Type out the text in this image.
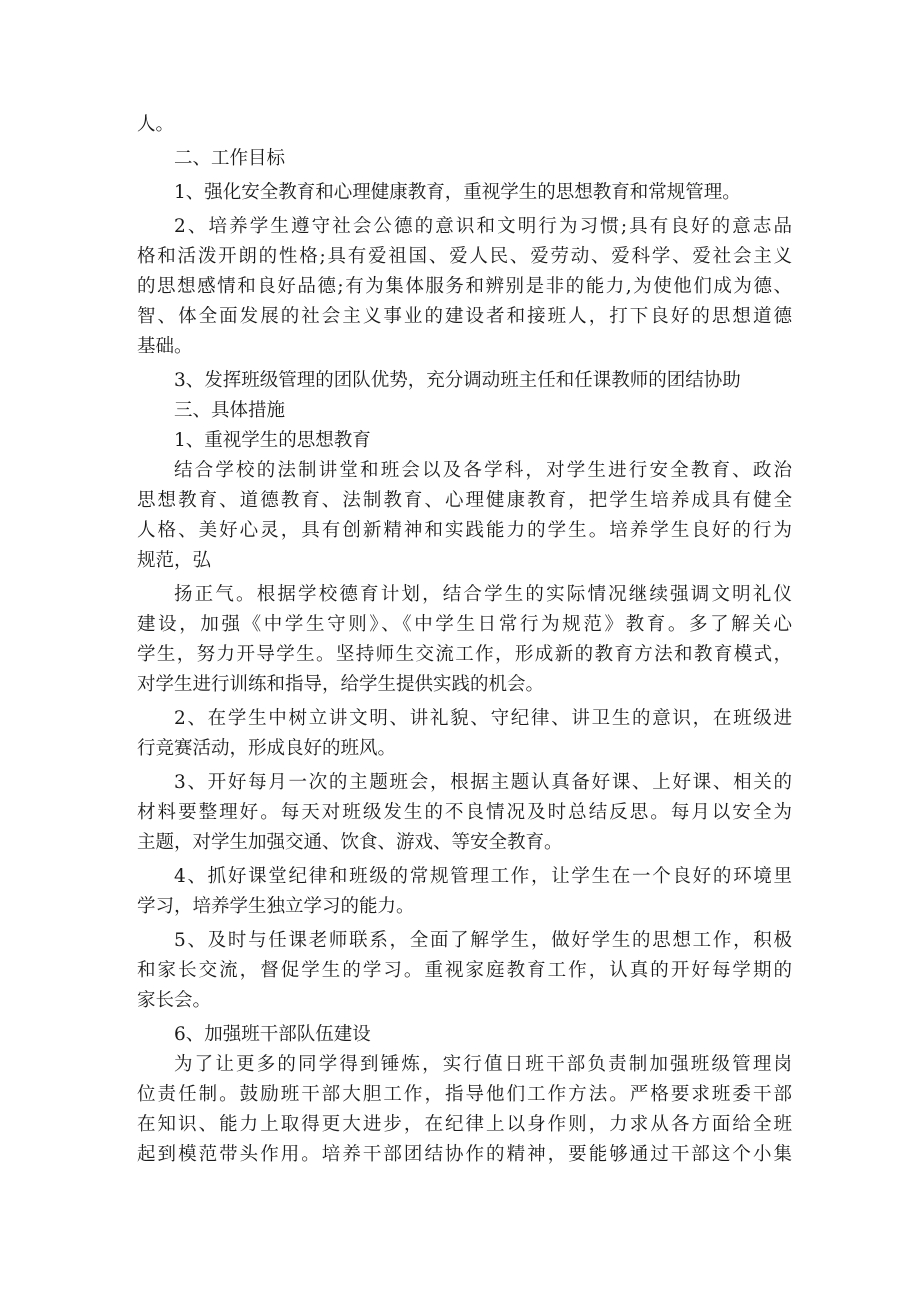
人。
二、工作目标
1、强化安全教育和心理健康教育，重视学生的思想教育和常规管理。
2、培养学生遵守社会公德的意识和文明行为习惯;具有良好的意志品
格和活泼开朗的性格;具有爱祖国、爱人民、爱劳动、爱科学、爱社会主义
的思想感情和良好品德;有为集体服务和辨别是非的能力,为使他们成为德、
智、体全面发展的社会主义事业的建设者和接班人，打下良好的思想道德
基础。
3、发挥班级管理的团队优势，充分调动班主任和任课教师的团结协助
三、具体措施
1、重视学生的思想教育
结合学校的法制讲堂和班会以及各学科，对学生进行安全教育、政治
思想教育、道德教育、法制教育、心理健康教育，把学生培养成具有健全
人格、美好心灵，具有创新精神和实践能力的学生。培养学生良好的行为
规范，弘
扬正气。根据学校德育计划，结合学生的实际情况继续强调文明礼仪
建设，加强《中学生守则》、《中学生日常行为规范》教育。多了解关心
学生，努力开导学生。坚持师生交流工作，形成新的教育方法和教育模式，
对学生进行训练和指导，给学生提供实践的机会。
2、在学生中树立讲文明、讲礼貌、守纪律、讲卫生的意识，在班级进
行竞赛活动，形成良好的班风。
3、开好每月一次的主题班会，根据主题认真备好课、上好课、相关的
材料要整理好。每天对班级发生的不良情况及时总结反思。每月以安全为
主题，对学生加强交通、饮食、游戏、等安全教育。
4、抓好课堂纪律和班级的常规管理工作，让学生在一个良好的环境里
学习，培养学生独立学习的能力。
5、及时与任课老师联系，全面了解学生，做好学生的思想工作，积极
和家长交流，督促学生的学习。重视家庭教育工作，认真的开好每学期的
家长会。
6、加强班干部队伍建设
为了让更多的同学得到锤炼，实行值日班干部负责制加强班级管理岗
位责任制。鼓励班干部大胆工作，指导他们工作方法。严格要求班委干部
在知识、能力上取得更大进步，在纪律上以身作则，力求从各方面给全班
起到模范带头作用。培养干部团结协作的精神，要能够通过干部这个小集
